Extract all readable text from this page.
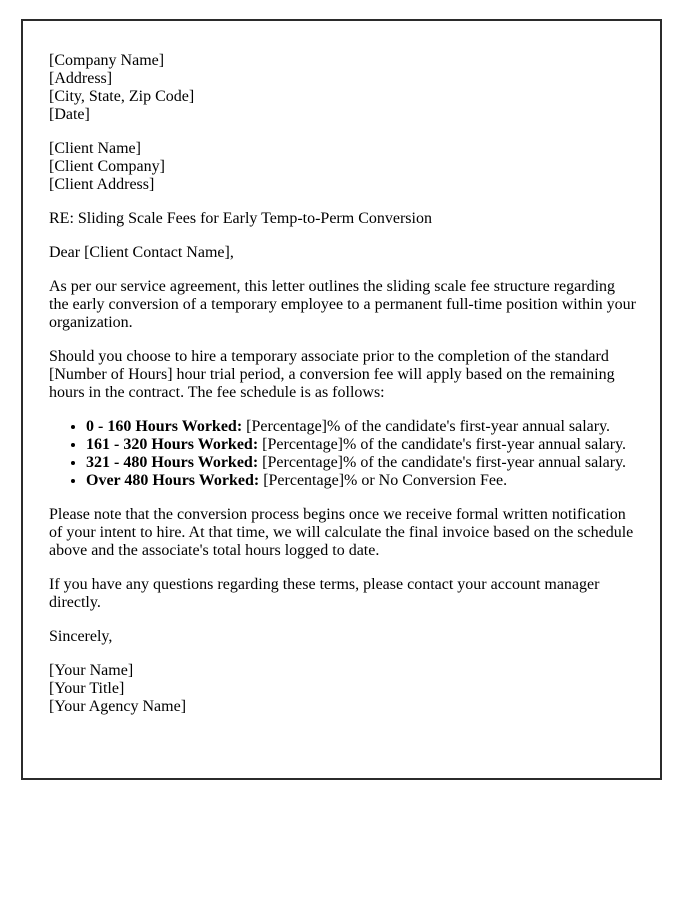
[Company Name]
[Address]
[City, State, Zip Code]
[Date]
[Client Name]
[Client Company]
[Client Address]

RE: Sliding Scale Fees for Early Temp-to-Perm Conversion

Dear [Client Contact Name],

As per our service agreement, this letter outlines the sliding scale fee structure regarding the early conversion of a temporary employee to a permanent full-time position within your organization.

Should you choose to hire a temporary associate prior to the completion of the standard [Number of Hours] hour trial period, a conversion fee will apply based on the remaining hours in the contract. The fee schedule is as follows:

• 0 - 160 Hours Worked: [Percentage]% of the candidate's first-year annual salary.
• 161 - 320 Hours Worked: [Percentage]% of the candidate's first-year annual salary.
• 321 - 480 Hours Worked: [Percentage]% of the candidate's first-year annual salary.
• Over 480 Hours Worked: [Percentage]% or No Conversion Fee.

Please note that the conversion process begins once we receive formal written notification of your intent to hire. At that time, we will calculate the final invoice based on the schedule above and the associate's total hours logged to date.

If you have any questions regarding these terms, please contact your account manager directly.

Sincerely,

[Your Name]
[Your Title]
[Your Agency Name]
